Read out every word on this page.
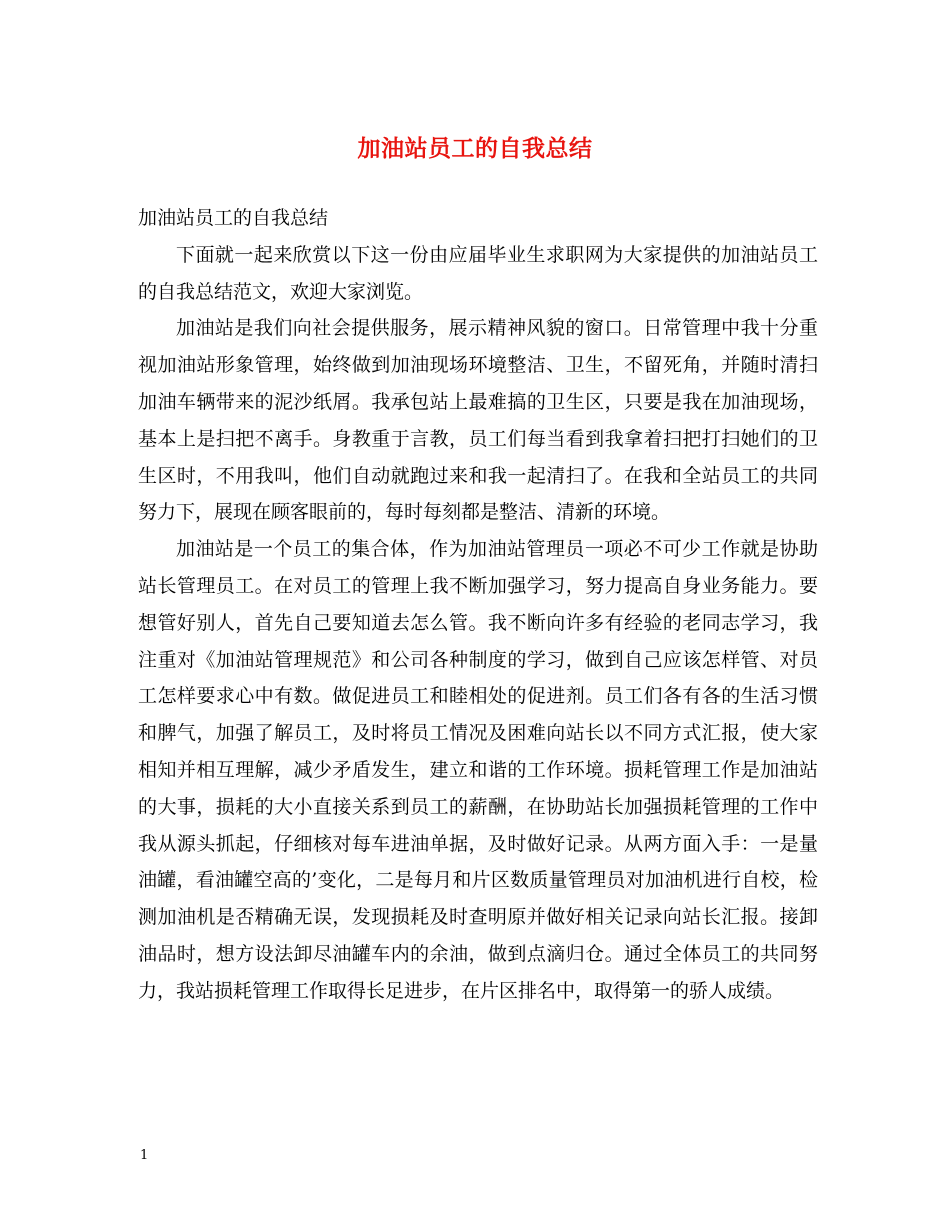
加油站员工的自我总结

加油站员工的自我总结

下面就一起来欣赏以下这一份由应届毕业生求职网为大家提供的加油站员工的自我总结范文，欢迎大家浏览。

加油站是我们向社会提供服务，展示精神风貌的窗口。日常管理中我十分重视加油站形象管理，始终做到加油现场环境整洁、卫生，不留死角，并随时清扫加油车辆带来的泥沙纸屑。我承包站上最难搞的卫生区，只要是我在加油现场，基本上是扫把不离手。身教重于言教，员工们每当看到我拿着扫把打扫她们的卫生区时，不用我叫，他们自动就跑过来和我一起清扫了。在我和全站员工的共同努力下，展现在顾客眼前的，每时每刻都是整洁、清新的环境。

加油站是一个员工的集合体，作为加油站管理员一项必不可少工作就是协助站长管理员工。在对员工的管理上我不断加强学习，努力提高自身业务能力。要想管好别人，首先自己要知道去怎么管。我不断向许多有经验的老同志学习，我注重对《加油站管理规范》和公司各种制度的学习，做到自己应该怎样管、对员工怎样要求心中有数。做促进员工和睦相处的促进剂。员工们各有各的生活习惯和脾气，加强了解员工，及时将员工情况及困难向站长以不同方式汇报，使大家相知并相互理解，减少矛盾发生，建立和谐的工作环境。损耗管理工作是加油站的大事，损耗的大小直接关系到员工的薪酬，在协助站长加强损耗管理的工作中我从源头抓起，仔细核对每车进油单据，及时做好记录。从两方面入手：一是量油罐，看油罐空高的’变化，二是每月和片区数质量管理员对加油机进行自校，检测加油机是否精确无误，发现损耗及时查明原并做好相关记录向站长汇报。接卸油品时，想方设法卸尽油罐车内的余油，做到点滴归仓。通过全体员工的共同努力，我站损耗管理工作取得长足进步，在片区排名中，取得第一的骄人成绩。

1
